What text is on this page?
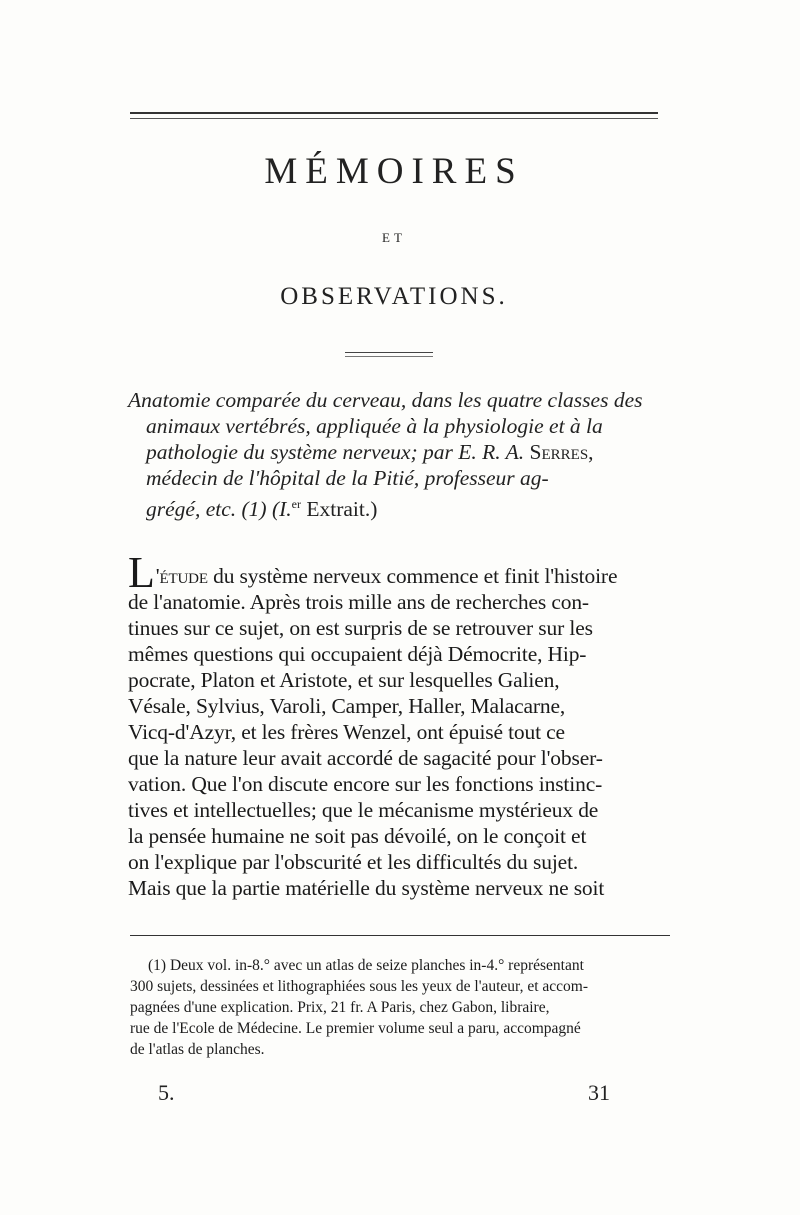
MÉMOIRES
ET
OBSERVATIONS.
Anatomie comparée du cerveau, dans les quatre classes des
animaux vertébrés, appliquée à la physiologie et à la
pathologie du système nerveux; par E. R. A. Serres,
médecin de l'hôpital de la Pitié, professeur ag-
grégé, etc. (1) (I.$^{er}$ Extrait.)
L'étude du système nerveux commence et finit l'histoire
de l'anatomie. Après trois mille ans de recherches con-
tinues sur ce sujet, on est surpris de se retrouver sur les
mêmes questions qui occupaient déjà Démocrite, Hip-
pocrate, Platon et Aristote, et sur lesquelles Galien,
Vésale, Sylvius, Varoli, Camper, Haller, Malacarne,
Vicq-d'Azyr, et les frères Wenzel, ont épuisé tout ce
que la nature leur avait accordé de sagacité pour l'obser-
vation. Que l'on discute encore sur les fonctions instinc-
tives et intellectuelles; que le mécanisme mystérieux de
la pensée humaine ne soit pas dévoilé, on le conçoit et
on l'explique par l'obscurité et les difficultés du sujet.
Mais que la partie matérielle du système nerveux ne soit
(1) Deux vol. in-8.° avec un atlas de seize planches in-4.° représentant
300 sujets, dessinées et lithographiées sous les yeux de l'auteur, et accom-
pagnées d'une explication. Prix, 21 fr. A Paris, chez Gabon, libraire,
rue de l'Ecole de Médecine. Le premier volume seul a paru, accompagné
de l'atlas de planches.
5.	31
